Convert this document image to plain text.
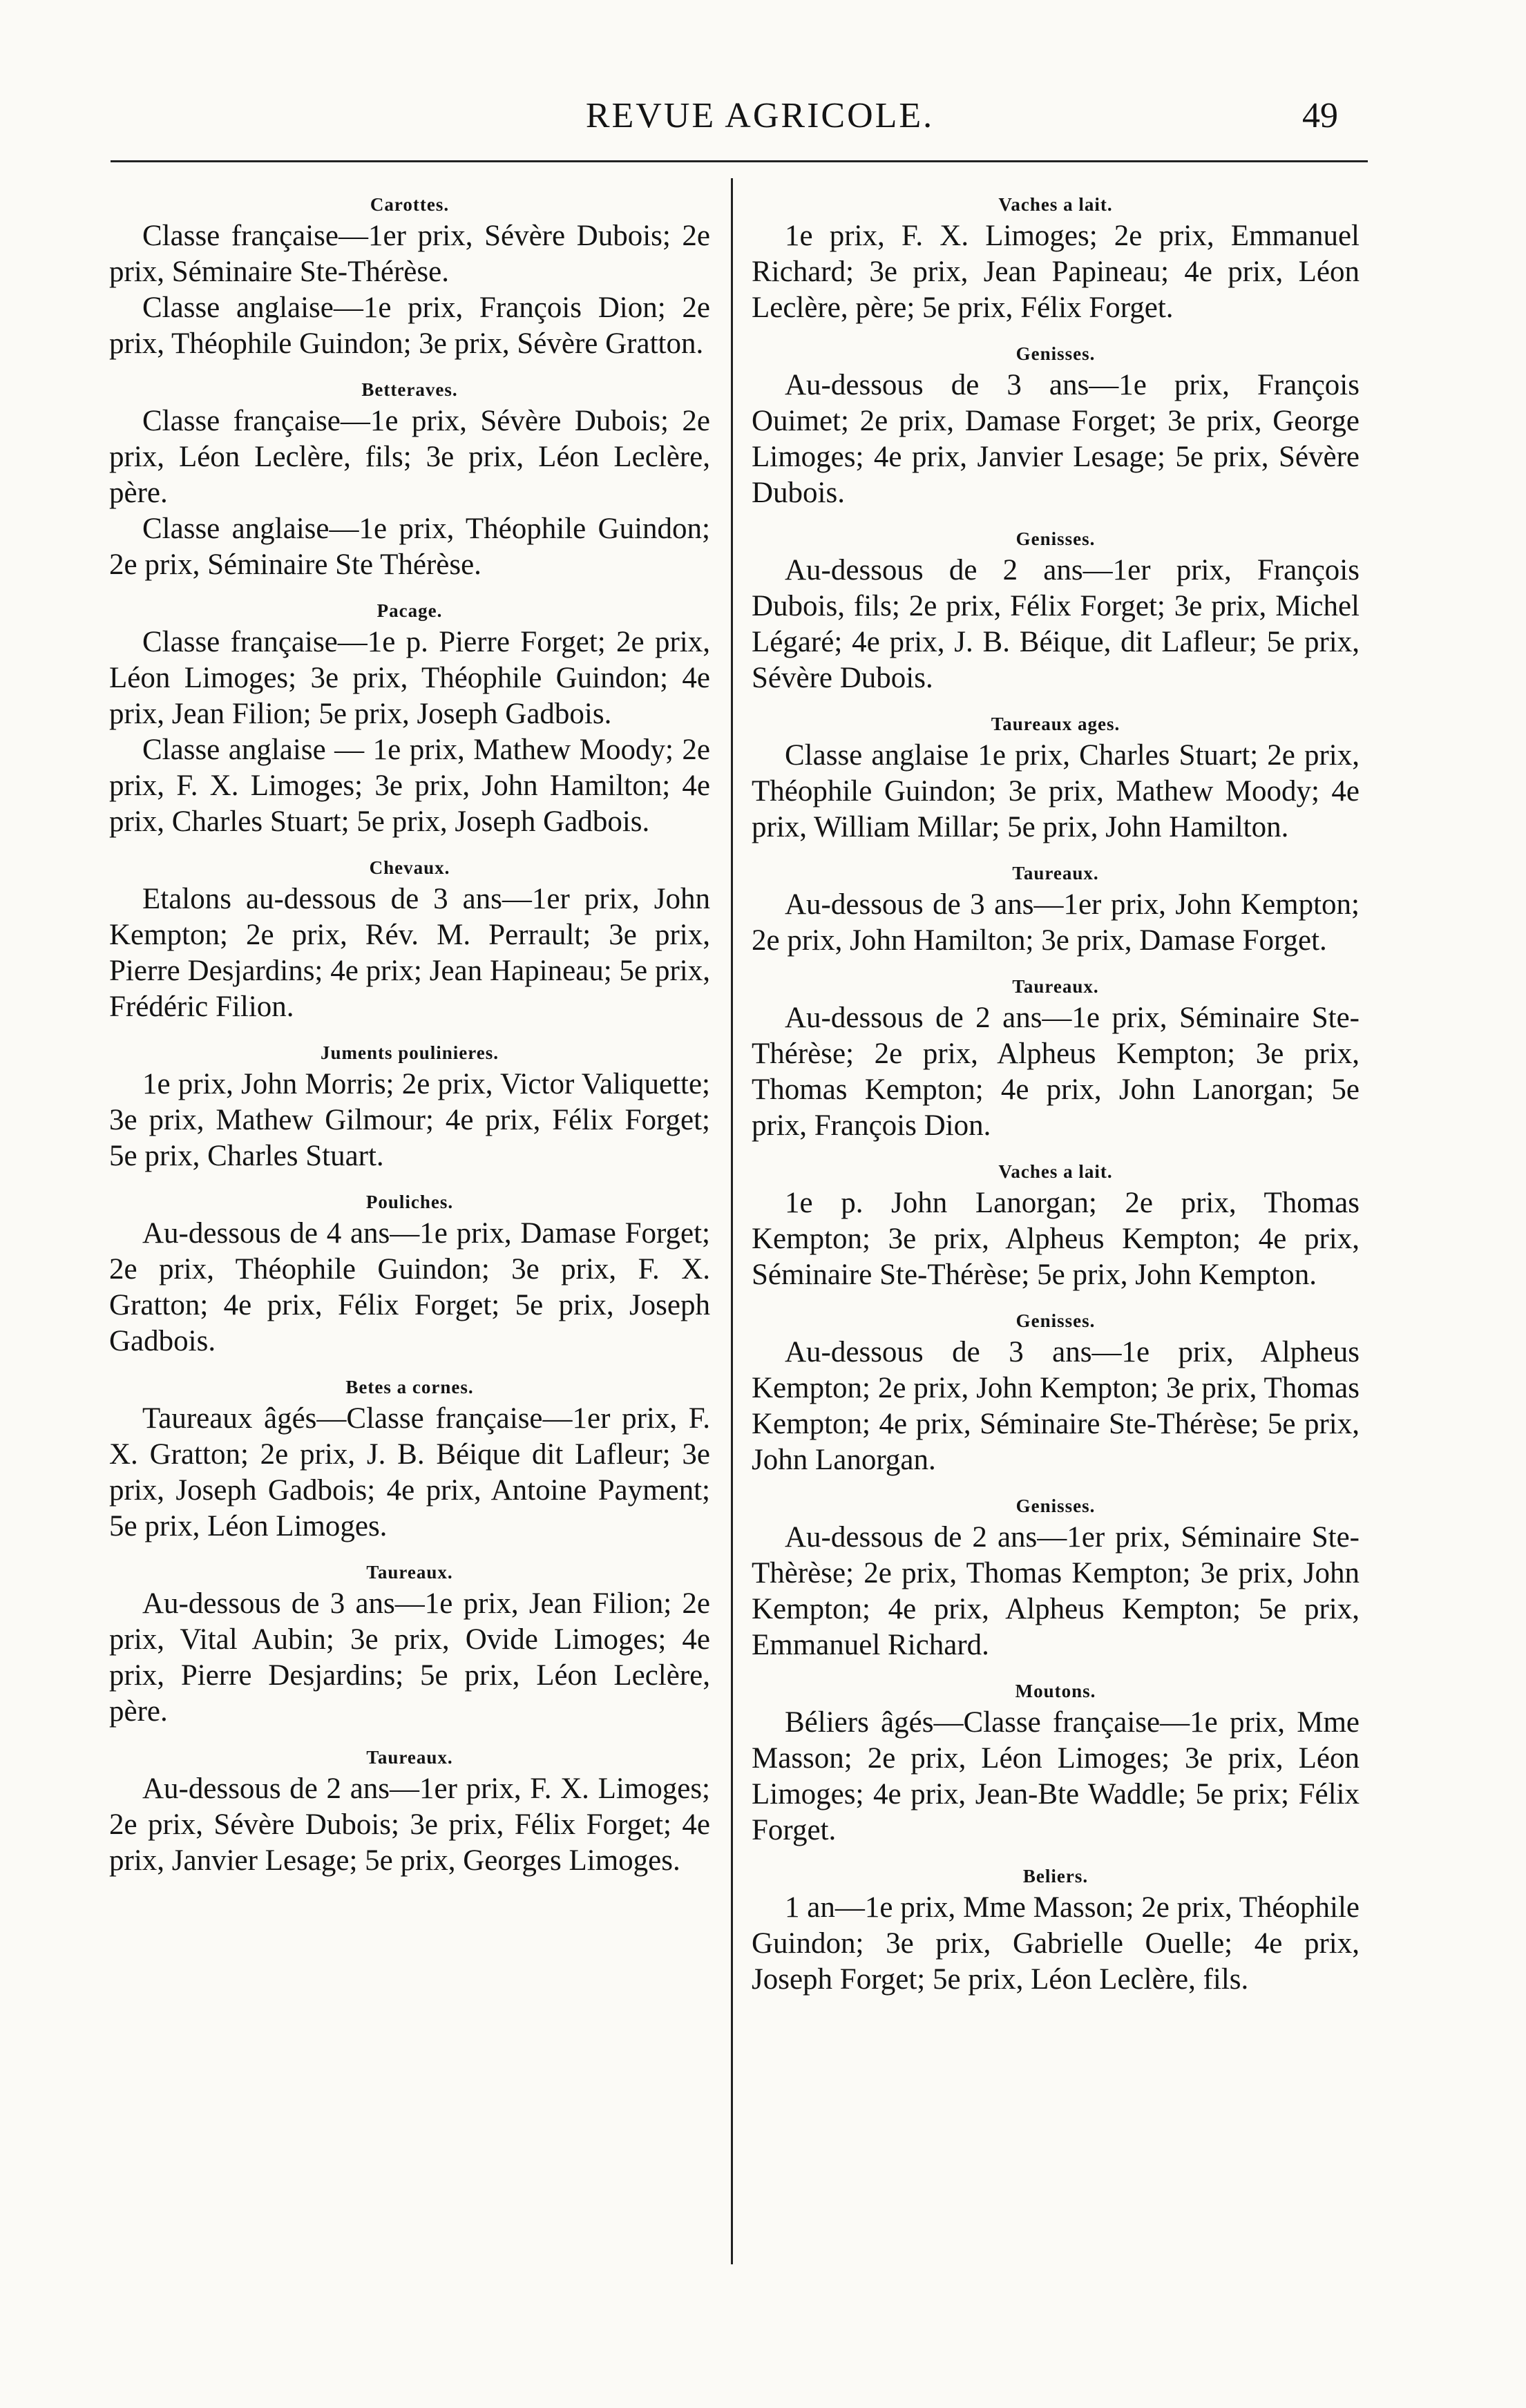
REVUE AGRICOLE.	49
Carottes.

Classe française—1er prix, Sévère Dubois; 2e prix, Séminaire Ste-Thérèse.

Classe anglaise—1e prix, François Dion; 2e prix, Théophile Guindon; 3e prix, Sévère Gratton.

Betteraves.

Classe française—1e prix, Sévère Dubois; 2e prix, Léon Leclère, fils; 3e prix, Léon Leclère, père.

Classe anglaise—1e prix, Théophile Guindon; 2e prix, Séminaire Ste Thérèse.

Pacage.

Classe française—1e p. Pierre Forget; 2e prix, Léon Limoges; 3e prix, Théophile Guindon; 4e prix, Jean Filion; 5e prix, Joseph Gadbois.

Classe anglaise — 1e prix, Mathew Moody; 2e prix, F. X. Limoges; 3e prix, John Hamilton; 4e prix, Charles Stuart; 5e prix, Joseph Gadbois.

Chevaux.

Etalons au-dessous de 3 ans—1er prix, John Kempton; 2e prix, Rév. M. Perrault; 3e prix, Pierre Desjardins; 4e prix; Jean Hapineau; 5e prix, Frédéric Filion.

Juments poulinieres.

1e prix, John Morris; 2e prix, Victor Valiquette; 3e prix, Mathew Gilmour; 4e prix, Félix Forget; 5e prix, Charles Stuart.

Pouliches.

Au-dessous de 4 ans—1e prix, Damase Forget; 2e prix, Théophile Guindon; 3e prix, F. X. Gratton; 4e prix, Félix Forget; 5e prix, Joseph Gadbois.

Betes a cornes.

Taureaux âgés—Classe française—1er prix, F. X. Gratton; 2e prix, J. B. Béique dit Lafleur; 3e prix, Joseph Gadbois; 4e prix, Antoine Payment; 5e prix, Léon Limoges.

Taureaux.

Au-dessous de 3 ans—1e prix, Jean Filion; 2e prix, Vital Aubin; 3e prix, Ovide Limoges; 4e prix, Pierre Desjardins; 5e prix, Léon Leclère, père.

Taureaux.

Au-dessous de 2 ans—1er prix, F. X. Limoges; 2e prix, Sévère Dubois; 3e prix, Félix Forget; 4e prix, Janvier Lesage; 5e prix, Georges Limoges.

Vaches a lait.

1e prix, F. X. Limoges; 2e prix, Emmanuel Richard; 3e prix, Jean Papineau; 4e prix, Léon Leclère, père; 5e prix, Félix Forget.

Genisses.

Au-dessous de 3 ans—1e prix, François Ouimet; 2e prix, Damase Forget; 3e prix, George Limoges; 4e prix, Janvier Lesage; 5e prix, Sévère Dubois.

Genisses.

Au-dessous de 2 ans—1er prix, François Dubois, fils; 2e prix, Félix Forget; 3e prix, Michel Légaré; 4e prix, J. B. Béique, dit Lafleur; 5e prix, Sévère Dubois.

Taureaux ages.

Classe anglaise 1e prix, Charles Stuart; 2e prix, Théophile Guindon; 3e prix, Mathew Moody; 4e prix, William Millar; 5e prix, John Hamilton.

Taureaux.

Au-dessous de 3 ans—1er prix, John Kempton; 2e prix, John Hamilton; 3e prix, Damase Forget.

Taureaux.

Au-dessous de 2 ans—1e prix, Séminaire Ste-Thérèse; 2e prix, Alpheus Kempton; 3e prix, Thomas Kempton; 4e prix, John Lanorgan; 5e prix, François Dion.

Vaches a lait.

1e p. John Lanorgan; 2e prix, Thomas Kempton; 3e prix, Alpheus Kempton; 4e prix, Séminaire Ste-Thérèse; 5e prix, John Kempton.

Genisses.

Au-dessous de 3 ans—1e prix, Alpheus Kempton; 2e prix, John Kempton; 3e prix, Thomas Kempton; 4e prix, Séminaire Ste-Thérèse; 5e prix, John Lanorgan.

Genisses.

Au-dessous de 2 ans—1er prix, Séminaire Ste-Thèrèse; 2e prix, Thomas Kempton; 3e prix, John Kempton; 4e prix, Alpheus Kempton; 5e prix, Emmanuel Richard.

Moutons.

Béliers âgés—Classe française—1e prix, Mme Masson; 2e prix, Léon Limoges; 3e prix, Léon Limoges; 4e prix, Jean-Bte Waddle; 5e prix; Félix Forget.

Beliers.

1 an—1e prix, Mme Masson; 2e prix, Théophile Guindon; 3e prix, Gabrielle Ouelle; 4e prix, Joseph Forget; 5e prix, Léon Leclère, fils.
